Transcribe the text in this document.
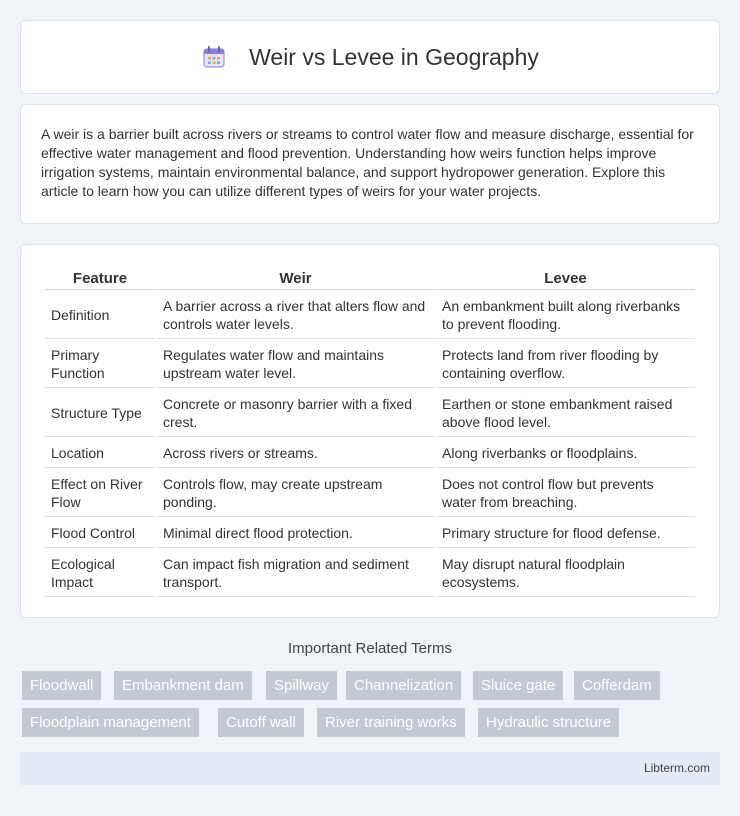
Weir vs Levee in Geography

A weir is a barrier built across rivers or streams to control water flow and measure discharge, essential for effective water management and flood prevention. Understanding how weirs function helps improve irrigation systems, maintain environmental balance, and support hydropower generation. Explore this article to learn how you can utilize different types of weirs for your water projects.

Feature	Weir	Levee
Definition	A barrier across a river that alters flow and controls water levels.	An embankment built along riverbanks to prevent flooding.
Primary Function	Regulates water flow and maintains upstream water level.	Protects land from river flooding by containing overflow.
Structure Type	Concrete or masonry barrier with a fixed crest.	Earthen or stone embankment raised above flood level.
Location	Across rivers or streams.	Along riverbanks or floodplains.
Effect on River Flow	Controls flow, may create upstream ponding.	Does not control flow but prevents water from breaching.
Flood Control	Minimal direct flood protection.	Primary structure for flood defense.
Ecological Impact	Can impact fish migration and sediment transport.	May disrupt natural floodplain ecosystems.
Important Related Terms
Floodwall	Embankment dam	Spillway	Channelization	Sluice gate	Cofferdam
Floodplain management	Cutoff wall	River training works	Hydraulic structure
Libterm.com
